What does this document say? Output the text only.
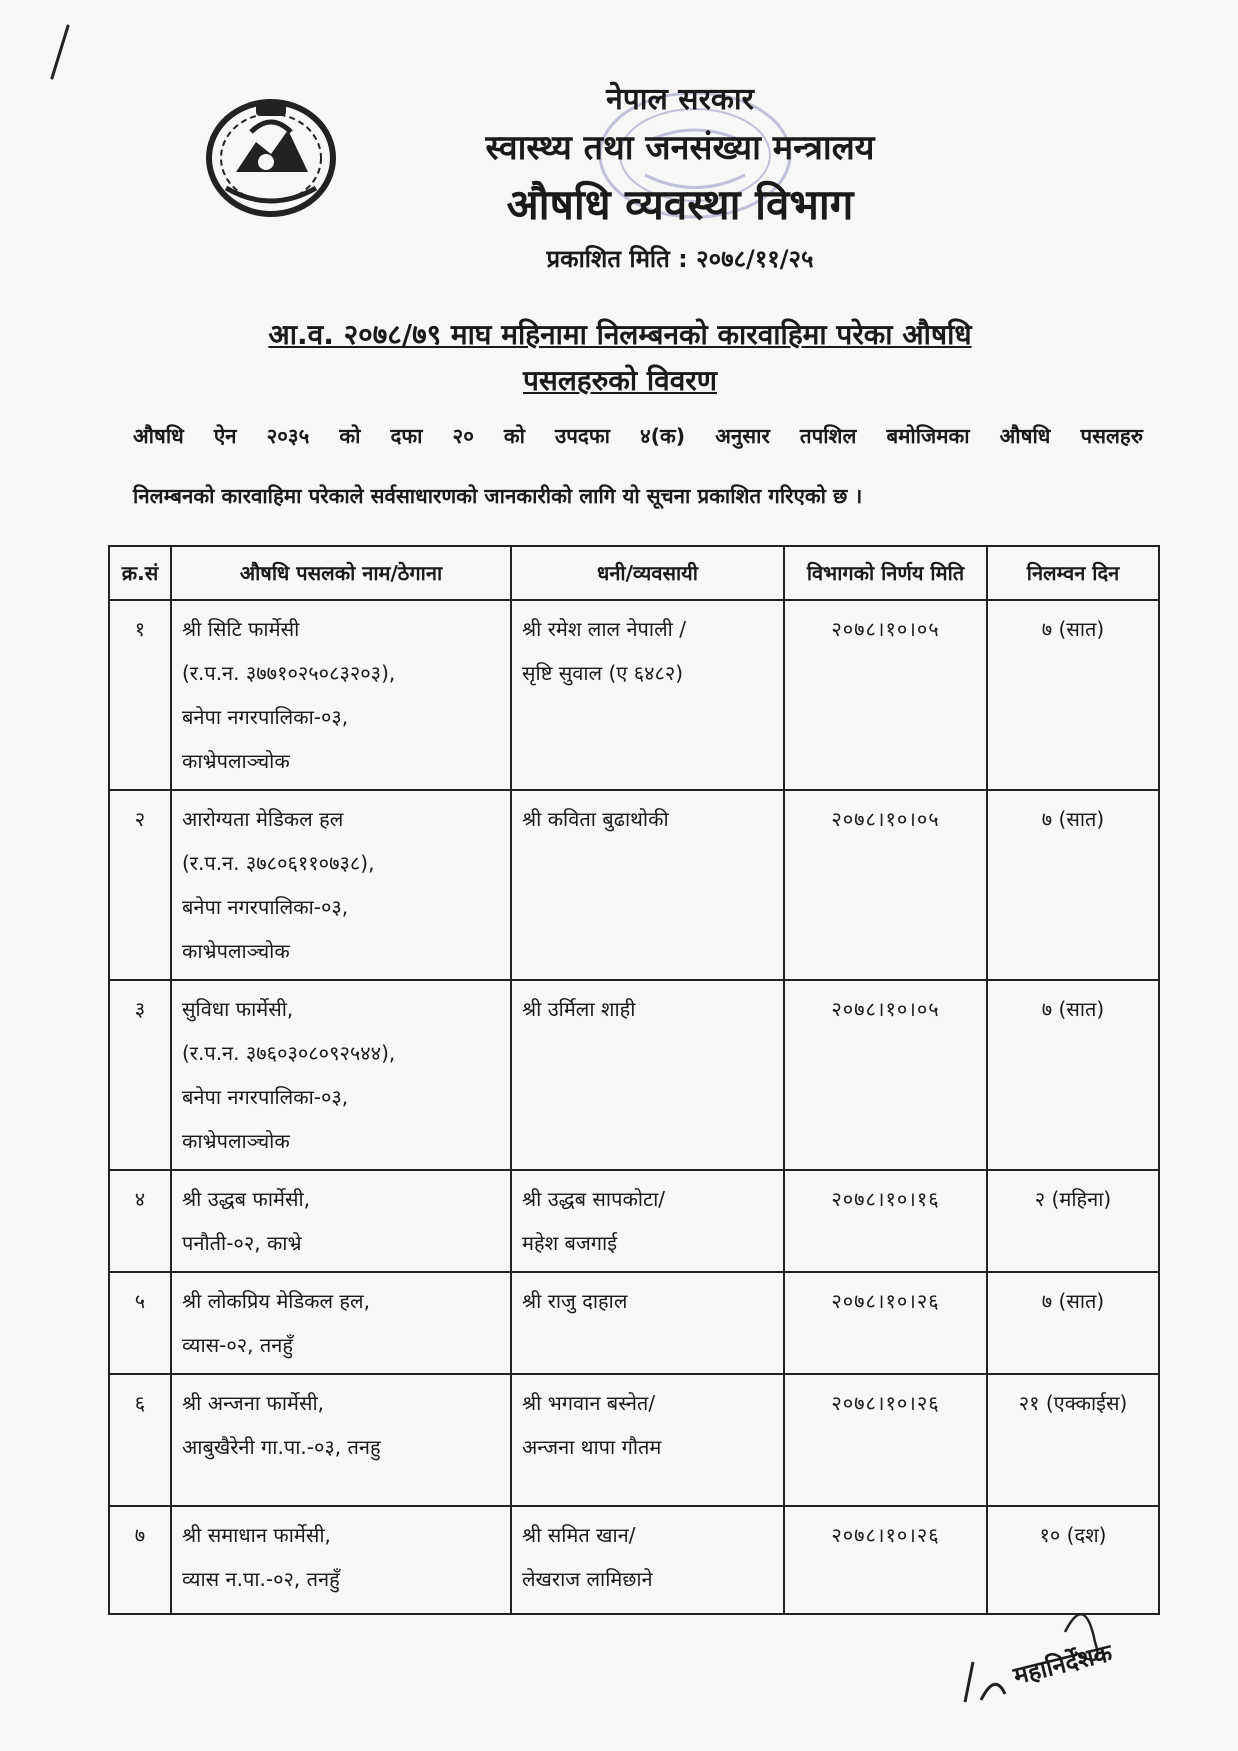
नेपाल सरकार

स्वास्थ्य तथा जनसंख्या मन्त्रालय

औषधि व्यवस्था विभाग

प्रकाशित मिति : २०७८/११/२५

आ.व. २०७८/७९ माघ महिनामा निलम्बनको कारवाहिमा परेका औषधि
पसलहरुको विवरण

औषधि ऐन २०३५ को दफा २० को उपदफा ४(क) अनुसार तपशिल बमोजिमका औषधि पसलहरु

निलम्बनको कारवाहिमा परेकाले सर्वसाधारणको जानकारीको लागि यो सूचना प्रकाशित गरिएको छ ।

क्र.सं	औषधि पसलको नाम/ठेगाना	धनी/व्यवसायी	विभागको निर्णय मिति	निलम्वन दिन
१	श्री सिटि फार्मेसी
(र.प.न. ३७७१०२५०८३२०३),
बनेपा नगरपालिका-०३,
काभ्रेपलाञ्चोक	श्री रमेश लाल नेपाली /
सृष्टि सुवाल (ए ६४८२)	२०७८।१०।०५	७ (सात)
२	आरोग्यता मेडिकल हल
(र.प.न. ३७८०६११०७३८),
बनेपा नगरपालिका-०३,
काभ्रेपलाञ्चोक	श्री कविता बुढाथोकी	२०७८।१०।०५	७ (सात)
३	सुविधा फार्मेसी,
(र.प.न. ३७६०३०८०९२५४४),
बनेपा नगरपालिका-०३,
काभ्रेपलाञ्चोक	श्री उर्मिला शाही	२०७८।१०।०५	७ (सात)
४	श्री उद्धब फार्मेसी,
पनौती-०२, काभ्रे	श्री उद्धब सापकोटा/
महेश बजगाई	२०७८।१०।१६	२ (महिना)
५	श्री लोकप्रिय मेडिकल हल,
व्यास-०२, तनहुँ	श्री राजु दाहाल	२०७८।१०।२६	७ (सात)
६	श्री अन्जना फार्मेसी,
आबुखैरेनी गा.पा.-०३, तनहु	श्री भगवान बस्नेत/
अन्जना थापा गौतम	२०७८।१०।२६	२१ (एक्काईस)
७	श्री समाधान फार्मेसी,
व्यास न.पा.-०२, तनहुँ	श्री समित खान/
लेखराज लामिछाने	२०७८।१०।२६	१० (दश)
महानिर्देशक
